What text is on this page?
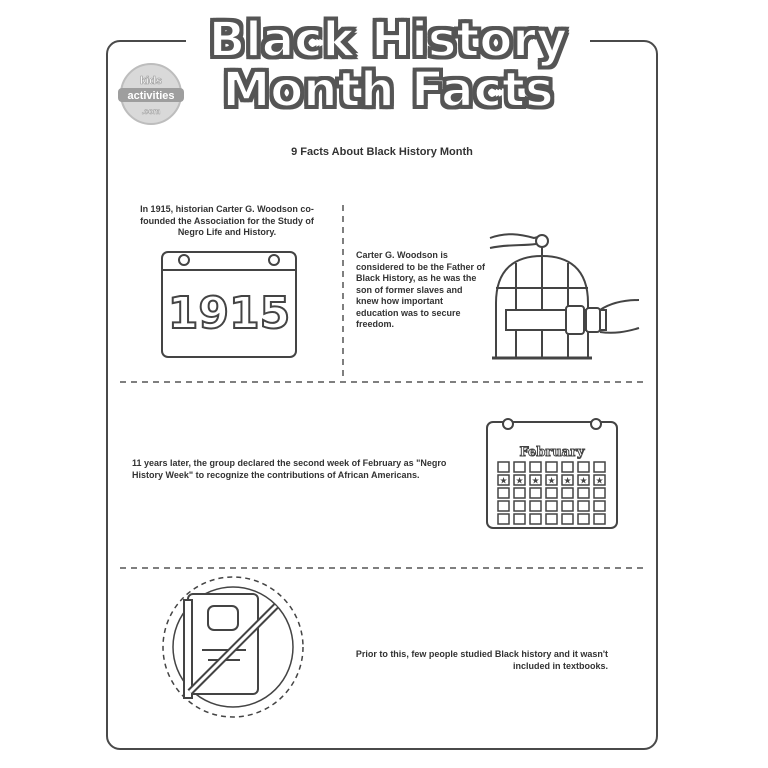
Black History
Month Facts
kids
activities
.com
9 Facts About Black History Month
In 1915, historian Carter G. Woodson co-founded the Association for the Study of Negro Life and History.
Carter G. Woodson is considered to be the Father of Black History, as he was the son of former slaves and knew how important education was to secure freedom.
11 years later, the group declared the second week of February as "Negro History Week" to recognize the contributions of African Americans.
Prior to this, few people studied Black history and it wasn't included in textbooks.
1915
February
★ ★ ★ ★ ★ ★ ★
